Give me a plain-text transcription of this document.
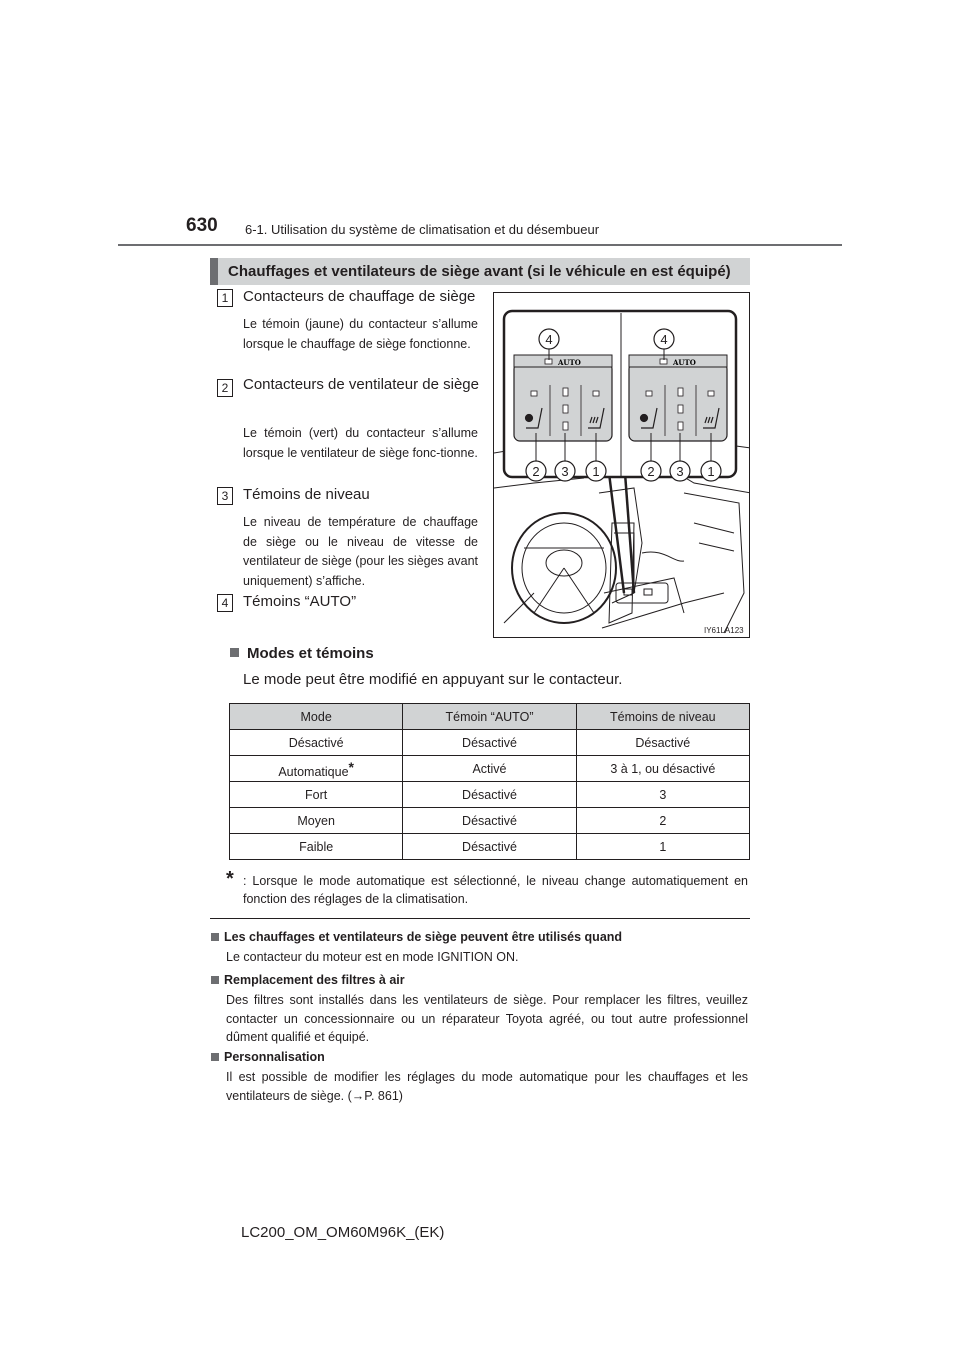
630 6-1. Utilisation du système de climatisation et du désembueur
Chauffages et ventilateurs de siège avant (si le véhicule en est équipé)
1 Contacteurs de chauffage de siège
Le témoin (jaune) du contacteur s’allume lorsque le chauffage de siège fonctionne.
2 Contacteurs de ventilateur de siège
Le témoin (vert) du contacteur s’allume lorsque le ventilateur de siège fonc-tionne.
3 Témoins de niveau
Le niveau de température de chauffage de siège ou le niveau de vitesse de ventilateur de siège (pour les sièges avant uniquement) s’affiche.
4 Témoins “AUTO”
AUTO	AUTO
4	4
2 3 1	2 3 1
IY61LA123
Modes et témoins
Le mode peut être modifié en appuyant sur le contacteur.
Mode	Témoin “AUTO”	Témoins de niveau
Désactivé	Désactivé	Désactivé
Automatique*	Activé	3 à 1, ou désactivé
Fort	Désactivé	3
Moyen	Désactivé	2
Faible	Désactivé	1
* : Lorsque le mode automatique est sélectionné, le niveau change automatiquement en fonction des réglages de la climatisation.
Les chauffages et ventilateurs de siège peuvent être utilisés quand
Le contacteur du moteur est en mode IGNITION ON.
Remplacement des filtres à air
Des filtres sont installés dans les ventilateurs de siège. Pour remplacer les filtres, veuillez contacter un concessionnaire ou un réparateur Toyota agréé, ou tout autre professionnel dûment qualifié et équipé.
Personnalisation
Il est possible de modifier les réglages du mode automatique pour les chauffages et les ventilateurs de siège. (→P. 861)
LC200_OM_OM60M96K_(EK)
